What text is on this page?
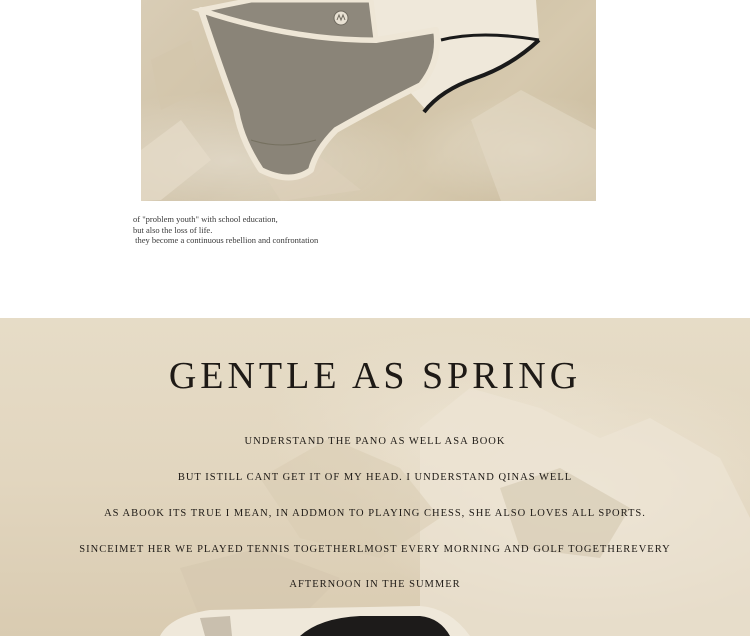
of "problem youth" with school education,
but also the loss of life.
they become a continuous rebellion and confrontation
GENTLE AS SPRING
UNDERSTAND THE PANO AS WELL ASA BOOK
BUT ISTILL CANT GET IT OF MY HEAD. I UNDERSTAND QINAS WELL
AS ABOOK ITS TRUE I MEAN, IN ADDMON TO PLAYING CHESS, SHE ALSO LOVES ALL SPORTS.
SINCEIMET HER WE PLAYED TENNIS TOGETHERLMOST EVERY MORNING AND GOLF TOGETHEREVERY
AFTERNOON IN THE SUMMER
